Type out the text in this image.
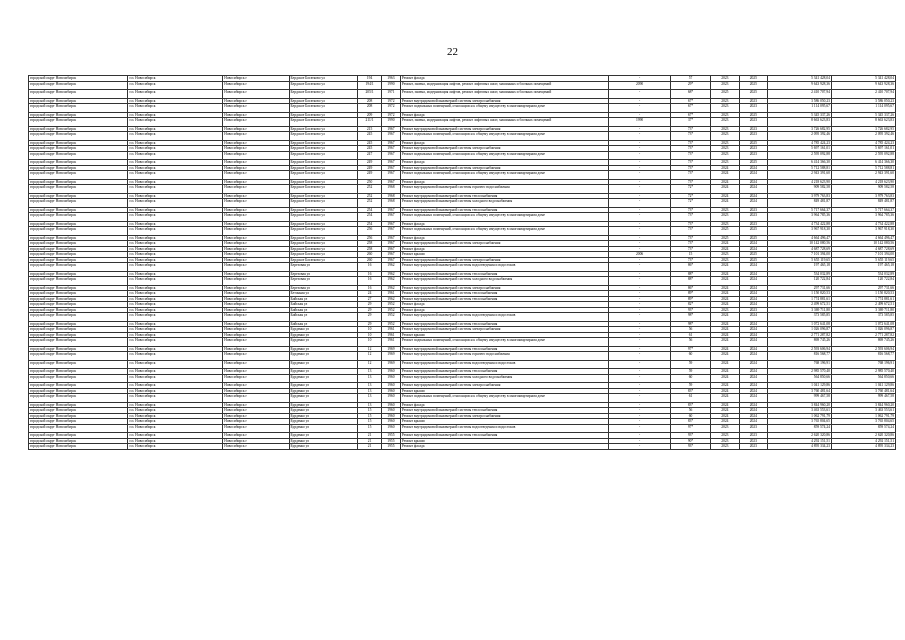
22
городской округ Новосибирск	г.п. Новосибирск	Новосибирск г	Бердское Богатково ул	194	1963	Ремонт фасада	-	57	2023	2025	5 341 428,04	5 341 428,04
городской округ Новосибирск	г.п. Новосибирск	Новосибирск г	Бердское Богатково ул	194/1	1990	Ремонт, замена, модернизация лифтов, ремонт лифтовых шахт, машинных и блочных помещений	2090	29*	2023	2025	9 643 928,36	9 643 928,36
городской округ Новосибирск	г.п. Новосибирск	Новосибирск г	Бердское Богатково ул	205/1	1971	Ремонт, замена, модернизация лифтов, ремонт лифтовых шахт, машинных и блочных помещений	-	68*	2025	2025	2 410 707,94	2 410 707,94
городской округ Новосибирск	г.п. Новосибирск	Новосибирск г	Бердское Богатково ул	208	1972	Ремонт внутридомовой инженерной системы электроснабжения	-	67*	2023	2023	3 586 050,23	3 586 050,23
городской округ Новосибирск	г.п. Новосибирск	Новосибирск г	Бердское Богатково ул	208	1972	Ремонт подвальных помещений, относящихся к общему имуществу в многоквартирном доме	-	67*	2023	2023	1 114 095,67	1 114 095,67
городской округ Новосибирск	г.п. Новосибирск	Новосибирск г	Бердское Богатково ул	209	1972	Ремонт фасада	-	67*	2023	2025	5 345 337,26	5 345 337,26
городской округ Новосибирск	г.п. Новосибирск	Новосибирск г	Бердское Богатково ул	211/1	1990	Ремонт, замена, модернизация лифтов, ремонт лифтовых шахт, машинных и блочных помещений	1990	37*	2023	2023	8 663 623,83	8 663 623,83
городской округ Новосибирск	г.п. Новосибирск	Новосибирск г	Бердское Богатково ул	215	1967	Ремонт внутридомовой инженерной системы электроснабжения	-	73*	2023	2023	3 726 682,95	3 726 682,95
городской округ Новосибирск	г.п. Новосибирск	Новосибирск г	Бердское Богатково ул	245	1967	Ремонт подвальных помещений, относящихся к общему имуществу в многоквартирном доме	-	73*	2023	2023	2 095 392,46	2 095 392,46
городской округ Новосибирск	г.п. Новосибирск	Новосибирск г	Бердское Богатково ул	245	1967	Ремонт фасада	-	73*	2023	2025	4 785 424,23	4 785 424,23
городской округ Новосибирск	г.п. Новосибирск	Новосибирск г	Бердское Богатково ул	245	1967	Ремонт внутридомовой инженерной системы электроснабжения	-	73*	2023	2023	5 697 161,01	5 697 161,01
городской округ Новосибирск	г.п. Новосибирск	Новосибирск г	Бердское Богатково ул	247	1967	Ремонт подвальных помещений, относящихся к общему имуществу в многоквартирном доме	-	73*	2023	2023	2 595 092,88	2 595 092,88
городской округ Новосибирск	г.п. Новосибирск	Новосибирск г	Бердское Богатково ул	249	1967	Ремонт фасада	-	73*	2023	2025	6 414 366,30	6 414 366,30
городской округ Новосибирск	г.п. Новосибирск	Новосибирск г	Бердское Богатково ул	249	1967	Ремонт внутридомовой инженерной системы электроснабжения	-	73*	2024	2024	5 712 588,81	5 712 588,81
городской округ Новосибирск	г.п. Новосибирск	Новосибирск г	Бердское Богатково ул	249	1967	Ремонт подвальных помещений, относящихся к общему имуществу в многоквартирном доме	-	73*	2024	2024	2 943 391,60	2 943 391,60
городской округ Новосибирск	г.п. Новосибирск	Новосибирск г	Бердское Богатково ул	250	1967	Ремонт фасада	-	73*	2024	2024	4 218 623,90	4 218 623,90
городской округ Новосибирск	г.п. Новосибирск	Новосибирск г	Бердское Богатково ул	252	1968	Ремонт внутридомовой инженерной системы горячего водоснабжения	-	72*	2024	2024	909 582,58	909 582,58
городской округ Новосибирск	г.п. Новосибирск	Новосибирск г	Бердское Богатково ул	252	1968	Ремонт внутридомовой инженерной системы теплоснабжения	-	72*	2024	2024	3 979 763,83	3 979 763,83
городской округ Новосибирск	г.п. Новосибирск	Новосибирск г	Бердское Богатково ул	252	1968	Ремонт внутридомовой инженерной системы холодного водоснабжения	-	72*	2024	2024	849 481,87	849 481,87
городской округ Новосибирск	г.п. Новосибирск	Новосибирск г	Бердское Богатково ул	254	1967	Ремонт внутридомовой инженерной системы теплоснабжения	-	73*	2023	2023	5 717 664,37	5 717 664,37
городской округ Новосибирск	г.п. Новосибирск	Новосибирск г	Бердское Богатково ул	254	1967	Ремонт подвальных помещений, относящихся к общему имуществу в многоквартирном доме	-	73*	2023	2023	3 964 785,36	3 964 785,36
городской округ Новосибирск	г.п. Новосибирск	Новосибирск г	Бердское Богатково ул	254	1967	Ремонт фасада	-	73*	2023	2023	4 734 422,88	4 734 422,88
городской округ Новосибирск	г.п. Новосибирск	Новосибирск г	Бердское Богатково ул	256	1967	Ремонт подвальных помещений, относящихся к общему имуществу в многоквартирном доме	-	73*	2025	2025	3 967 918,30	3 967 918,30
городской округ Новосибирск	г.п. Новосибирск	Новосибирск г	Бердское Богатково ул	256	1967	Ремонт фасада	-	73*	2025	2025	4 664 496,47	4 664 496,47
городской округ Новосибирск	г.п. Новосибирск	Новосибирск г	Бердское Богатково ул	258	1967	Ремонт внутридомовой инженерной системы электроснабжения	-	73*	2024	2024	10 142 080,56	10 142 080,56
городской округ Новосибирск	г.п. Новосибирск	Новосибирск г	Бердское Богатково ул	258	1967	Ремонт фасада	-	73*	2024	2024	4 687 728,69	4 687 728,69
городской округ Новосибирск	г.п. Новосибирск	Новосибирск г	Бердское Богатково ул	260	1967	Ремонт крыши	2006	15	2023	2025	7 101 394,00	7 101 394,00
городской округ Новосибирск	г.п. Новосибирск	Новосибирск г	Бердское Богатково ул	260	1967	Ремонт внутридомовой инженерной системы электроснабжения	-	73*	2023	2025	5 655 119,65	5 655 119,65
городской округ Новосибирск	г.п. Новосибирск	Новосибирск г	Березовая ул	16	1962	Ремонт внутридомовой инженерной системы водоотведения и водостоков	-	86*	2024	2024	197 465,18	197 465,18
городской округ Новосибирск	г.п. Новосибирск	Новосибирск г	Березовая ул	16	1962	Ремонт внутридомовой инженерной системы теплоснабжения	-	88*	2024	2024	534 032,89	534 032,89
городской округ Новосибирск	г.п. Новосибирск	Новосибирск г	Березовая ул	16	1962	Ремонт внутридомовой инженерной системы холодного водоснабжения	-	88*	2024	2024	120 722,84	120 722,84
городской округ Новосибирск	г.п. Новосибирск	Новосибирск г	Березовая ул	16	1962	Ремонт внутридомовой инженерной системы электроснабжения	-	86*	2024	2024	297 731,66	297 731,66
городской округ Новосибирск	г.п. Новосибирск	Новосибирск г	Бетонная ул	24	1961	Ремонт внутридомовой инженерной системы теплоснабжения	-	89*	2024	2024	1 150 820,53	1 150 820,53
городской округ Новосибирск	г.п. Новосибирск	Новосибирск г	Бийская ул	27	1962	Ремонт внутридомовой инженерной системы теплоснабжения	-	89*	2024	2024	1 774 881,61	1 774 881,61
городской округ Новосибирск	г.п. Новосибирск	Новосибирск г	Бийская ул	29	1952	Ремонт фасада	-	82*	2024	2024	2 499 672,51	2 499 672,51
городской округ Новосибирск	г.п. Новосибирск	Новосибирск г	Бийская ул	29	1952	Ремонт фасада	-	93*	2023	2023	3 369 711,80	3 369 711,80
городской округ Новосибирск	г.п. Новосибирск	Новосибирск г	Бийская ул	29	1952	Ремонт внутридомовой инженерной системы водоотведения и водостоков	-	98*	2024	2024	373 585,85	373 585,85
городской округ Новосибирск	г.п. Новосибирск	Новосибирск г	Бийская ул	29	1952	Ремонт внутридомовой инженерной системы теплоснабжения	-	98*	2024	2024	1 072 641,08	1 072 641,08
городской округ Новосибирск	г.п. Новосибирск	Новосибирск г	Бурденко ул	10	1961	Ремонт внутридомовой инженерной системы электроснабжения	-	56	2024	2024	1 026 096,87	1 026 096,87
городской округ Новосибирск	г.п. Новосибирск	Новосибирск г	Бурденко ул	10	1961	Ремонт крыши	-	61	2024	2024	2 771 287,82	2 771 287,82
городской округ Новосибирск	г.п. Новосибирск	Новосибирск г	Бурденко ул	10	1961	Ремонт подвальных помещений, относящихся к общему имуществу в многоквартирном доме	-	56	2024	2024	869 745,26	869 745,26
городской округ Новосибирск	г.п. Новосибирск	Новосибирск г	Бурденко ул	12	1969	Ремонт внутридомовой инженерной системы теплоснабжения	-	97*	2024	2024	2 593 606,94	2 593 606,94
городской округ Новосибирск	г.п. Новосибирск	Новосибирск г	Бурденко ул	12	1969	Ремонт внутридомовой инженерной системы горячего водоснабжения	-	60	2024	2024	816 568,77	816 568,77
городской округ Новосибирск	г.п. Новосибирск	Новосибирск г	Бурденко ул	12	1969	Ремонт внутридомовой инженерной системы водоотведения и водостоков	-	59	2024	2024	768 196,91	768 196,91
городской округ Новосибирск	г.п. Новосибирск	Новосибирск г	Бурденко ул	13	1960	Ремонт внутридомовой инженерной системы теплоснабжения	-	59	2024	2024	2 985 570,40	2 985 570,40
городской округ Новосибирск	г.п. Новосибирск	Новосибирск г	Бурденко ул	13	1960	Ремонт внутридомовой инженерной системы холодного водоснабжения	-	60	2024	2024	564 850,66	564 850,66
городской округ Новосибирск	г.п. Новосибирск	Новосибирск г	Бурденко ул	13	1960	Ремонт внутридомовой инженерной системы электроснабжения	-	59	2024	2024	1 041 129,86	1 041 129,86
городской округ Новосибирск	г.п. Новосибирск	Новосибирск г	Бурденко ул	13	1960	Ремонт крыши	-	83*	2024	2024	3 760 481,64	3 760 481,64
городской округ Новосибирск	г.п. Новосибирск	Новосибирск г	Бурденко ул	13	1960	Ремонт подвальных помещений, относящихся к общему имуществу в многоквартирном доме	-	61	2024	2024	999 467,58	999 467,58
городской округ Новосибирск	г.п. Новосибирск	Новосибирск г	Бурденко ул	13	1960	Ремонт фасада	-	83*	2024	2024	3 844 960,20	3 844 960,20
городской округ Новосибирск	г.п. Новосибирск	Новосибирск г	Бурденко ул	15	1960	Ремонт внутридомовой инженерной системы теплоснабжения	-	56	2024	2024	3 463 553,61	3 463 553,61
городской округ Новосибирск	г.п. Новосибирск	Новосибирск г	Бурденко ул	15	1960	Ремонт внутридомовой инженерной системы электроснабжения	-	60	2024	2024	1 062 791,79	1 062 791,79
городской округ Новосибирск	г.п. Новосибирск	Новосибирск г	Бурденко ул	15	1960	Ремонт крыши	-	83*	2024	2024	3 765 804,65	3 765 804,65
городской округ Новосибирск	г.п. Новосибирск	Новосибирск г	Бурденко ул	15	1960	Ремонт внутридомовой инженерной системы водоотведения и водостоков	-	97*	2023	2023	859 574,24	859 574,24
городской округ Новосибирск	г.п. Новосибирск	Новосибирск г	Бурденко ул	21	1955	Ремонт внутридомовой инженерной системы теплоснабжения	-	93*	2023	2023	2 620 320,86	2 620 320,86
городской округ Новосибирск	г.п. Новосибирск	Новосибирск г	Бурденко ул	21	1955	Ремонт крыши	-	90*	2023	2023	4 292 151,51	4 292 151,51
городской округ Новосибирск	г.п. Новосибирск	Новосибирск г	Бурденко ул	21	1955	Ремонт фасада	-	93*	2023	2023	4 895 334,23	4 895 334,23
